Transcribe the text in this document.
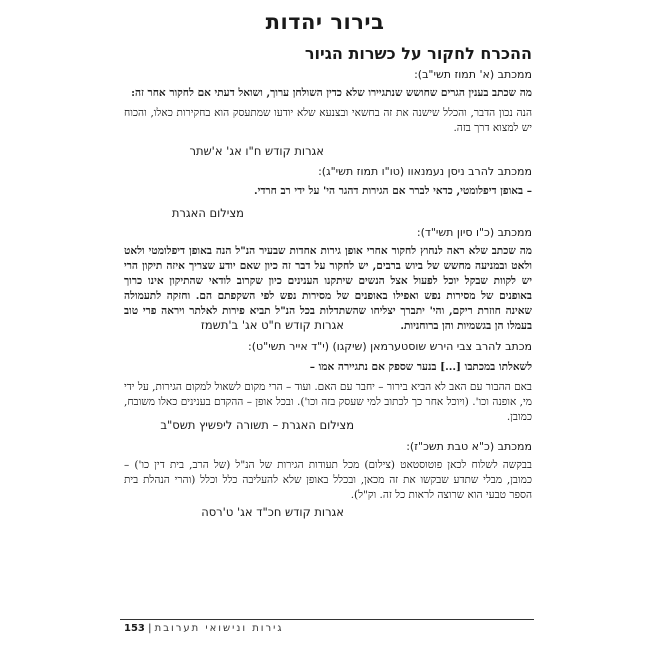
בירור יהדות
ההכרח לחקור על כשרות הגיור
ממכתב (א' תמוז תשי"ב):
מה שכתב בענין הגרים שחושש שנתגיירו שלא כדין השולחן ערוך, ושואל דעתי אם לחקור אחר זה:
הנה נכון הדבר, והכלל שישנה את זה בחשאי ובצנעא שלא יודעו שמתעסק הוא בחקירות כאלו, והכוח יש למצוא דרך בזה.
אגרות קודש ח"ו אג' א'שתר
ממכתב להרב ניסן נעמנאוו (טו"ו תמוז תשי"ג):
– באופן דיפלומטי, כדאי לברר אם הגירות דהגר הי' על ידי רב חרדי.
מצילום האגרת
ממכתב (כ"ו סיון תשי"ד):
מה שכתב שלא ראה לנחוץ לחקור אחרי אופן גירות אחדות שבעיר הנ"ל הנה באופן דיפלומטי ולאט ולאט ובמניעה מחשש של ביוש ברבים, יש לחקור על דבר זה כיון שאם יודע שצריך איזה תיקון הרי יש לקוות שבקל יוכל לפעול אצל הנשים שיתקנו הענינים כיון שקרוב לודאי שהתיקון אינו כרוך באופנים של מסירות נפש ואפילו באופנים של מסירות נפש לפי השקפתם הם. וחזקה לתעמולה שאינה חוזרת ריקם, והי' יתברך יצליחו שהשתדלות בכל הנ"ל תביא פירות לאלתר ויראה פרי טוב בעמלו הן בגשמיות והן ברוחניות.
אגרות קודש ח"ט אג' ב'תשמז
מכתב להרב צבי הירש שוסטערמאן (שיקגו) (י"ד אייר תשי"ט):
לשאלתו במכתבו [...] בנער שספק אם נתגיירה אמו –
באם ההבור עם האב לא הביא בירור – יחבר עם האם. ועוד – הרי מקום לשאול למקום הגירות, על ידי מי, אופנה וכו'. (ויוכל אחר כך לכתוב למי שעסק בזה וכו'). ובכל אופן – ההקדם בענינים כאלו משובח, כמובן.
מצילום האגרת – תשורה ליפשיץ תשס"ב
ממכתב (כ"א טבת תשכ"ז):
בבקשה לשלוח לכאן פוטוסטאט (צילום) מכל תעודות הגירות של הנ"ל (של הרב, בית דין כו') – כמובן, מבלי שתדע שבקשו את זה מכאן, ובכלל באופן שלא להעליבה כלל וכלל (והרי הנהלת בית הספר טבעי הוא שרוצה לראות כל זה. וק"ל).
אגרות קודש חכ"ד אג' ט'רסה
גירות ונישואי תערובת | 153
